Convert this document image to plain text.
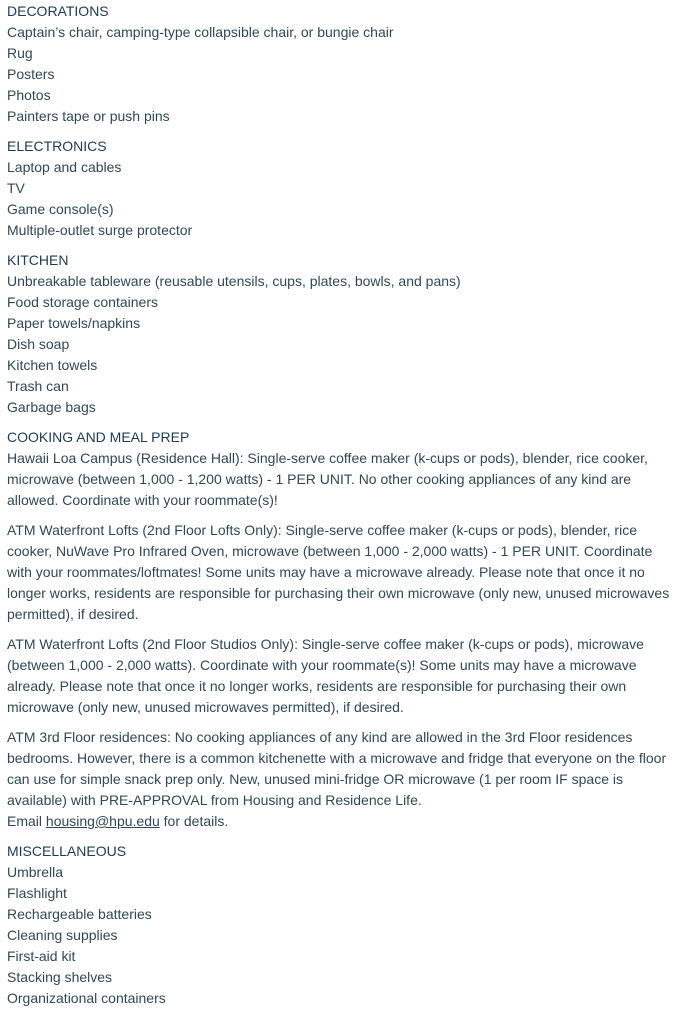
DECORATIONS
Captain’s chair, camping-type collapsible chair, or bungie chair
Rug
Posters
Photos
Painters tape or push pins
ELECTRONICS
Laptop and cables
TV
Game console(s)
Multiple-outlet surge protector
KITCHEN
Unbreakable tableware (reusable utensils, cups, plates, bowls, and pans)
Food storage containers
Paper towels/napkins
Dish soap
Kitchen towels
Trash can
Garbage bags
COOKING AND MEAL PREP

Hawaii Loa Campus (Residence Hall): Single-serve coffee maker (k-cups or pods), blender, rice cooker, microwave (between 1,000 - 1,200 watts) - 1 PER UNIT. No other cooking appliances of any kind are allowed. Coordinate with your roommate(s)!

ATM Waterfront Lofts (2nd Floor Lofts Only): Single-serve coffee maker (k-cups or pods), blender, rice cooker, NuWave Pro Infrared Oven, microwave (between 1,000 - 2,000 watts) - 1 PER UNIT. Coordinate with your roommates/loftmates! Some units may have a microwave already. Please note that once it no longer works, residents are responsible for purchasing their own microwave (only new, unused microwaves permitted), if desired.

ATM Waterfront Lofts (2nd Floor Studios Only): Single-serve coffee maker (k-cups or pods), microwave (between 1,000 - 2,000 watts). Coordinate with your roommate(s)! Some units may have a microwave already. Please note that once it no longer works, residents are responsible for purchasing their own microwave (only new, unused microwaves permitted), if desired.

ATM 3rd Floor residences: No cooking appliances of any kind are allowed in the 3rd Floor residences bedrooms. However, there is a common kitchenette with a microwave and fridge that everyone on the floor can use for simple snack prep only. New, unused mini-fridge OR microwave (1 per room IF space is available) with PRE-APPROVAL from Housing and Residence Life.
Email housing@hpu.edu for details.

MISCELLANEOUS
Umbrella
Flashlight
Rechargeable batteries
Cleaning supplies
First-aid kit
Stacking shelves
Organizational containers
